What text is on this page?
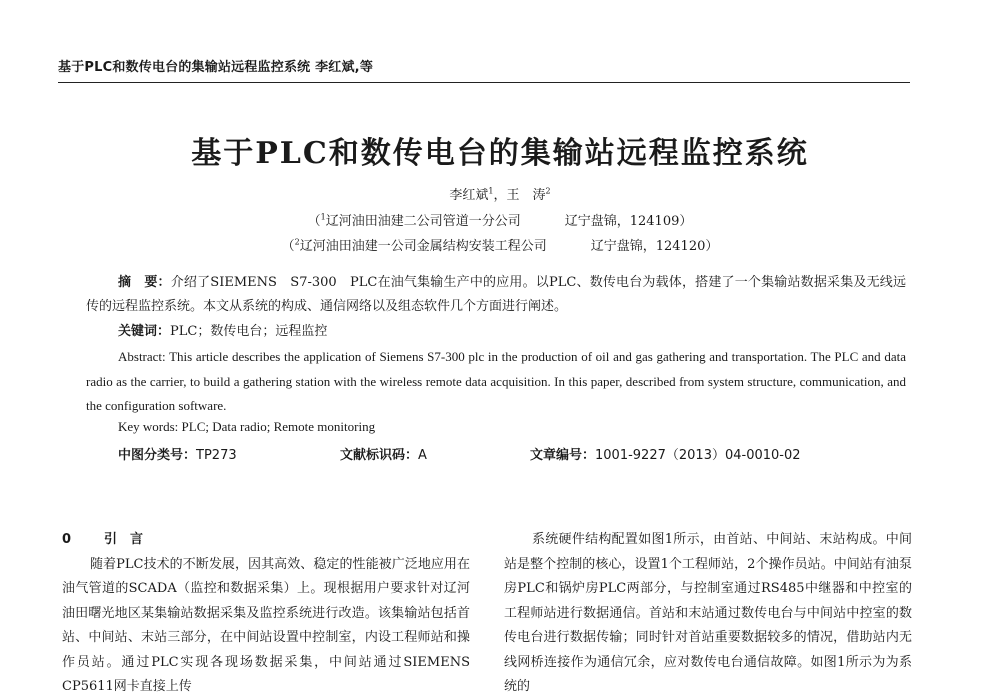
基于PLC和数传电台的集输站远程监控系统 李红斌,等
基于PLC和数传电台的集输站远程监控系统
李红斌$^1$，王　涛$^2$
（$^1$辽河油田油建二公司管道一分公司	辽宁盘锦，124109）
（$^2$辽河油田油建一公司金属结构安装工程公司	辽宁盘锦，124120）
摘　要：介绍了SIEMENS　S7-300　PLC在油气集输生产中的应用。以PLC、数传电台为载体，搭建了一个集输站数据采集及无线远传的远程监控系统。本文从系统的构成、通信网络以及组态软件几个方面进行阐述。
关键词：PLC；数传电台；远程监控
Abstract: This article describes the application of Siemens S7-300 plc in the production of oil and gas gathering and transportation. The PLC and data radio as the carrier, to build a gathering station with the wireless remote data acquisition. In this paper, described from system structure, communication, and the configuration software.
Key words: PLC; Data radio; Remote monitoring
中图分类号：TP273	文献标识码：A	文章编号：1001-9227（2013）04-0010-02
0	引　言

随着PLC技术的不断发展，因其高效、稳定的性能被广泛地应用在油气管道的SCADA（监控和数据采集）上。现根据用户要求针对辽河油田曙光地区某集输站数据采集及监控系统进行改造。该集输站包括首站、中间站、末站三部分，在中间站设置中控制室，内设工程师站和操作员站。通过PLC实现各现场数据采集，中间站通过SIEMENS　CP5611网卡直接上传

系统硬件结构配置如图1所示，由首站、中间站、末站构成。中间站是整个控制的核心，设置1个工程师站，2个操作员站。中间站有油泵房PLC和锅炉房PLC两部分，与控制室通过RS485中继器和中控室的工程师站进行数据通信。首站和末站通过数传电台与中间站中控室的数传电台进行数据传输；同时针对首站重要数据较多的情况，借助站内无线网桥连接作为通信冗余，应对数传电台通信故障。如图1所示为为系统的
